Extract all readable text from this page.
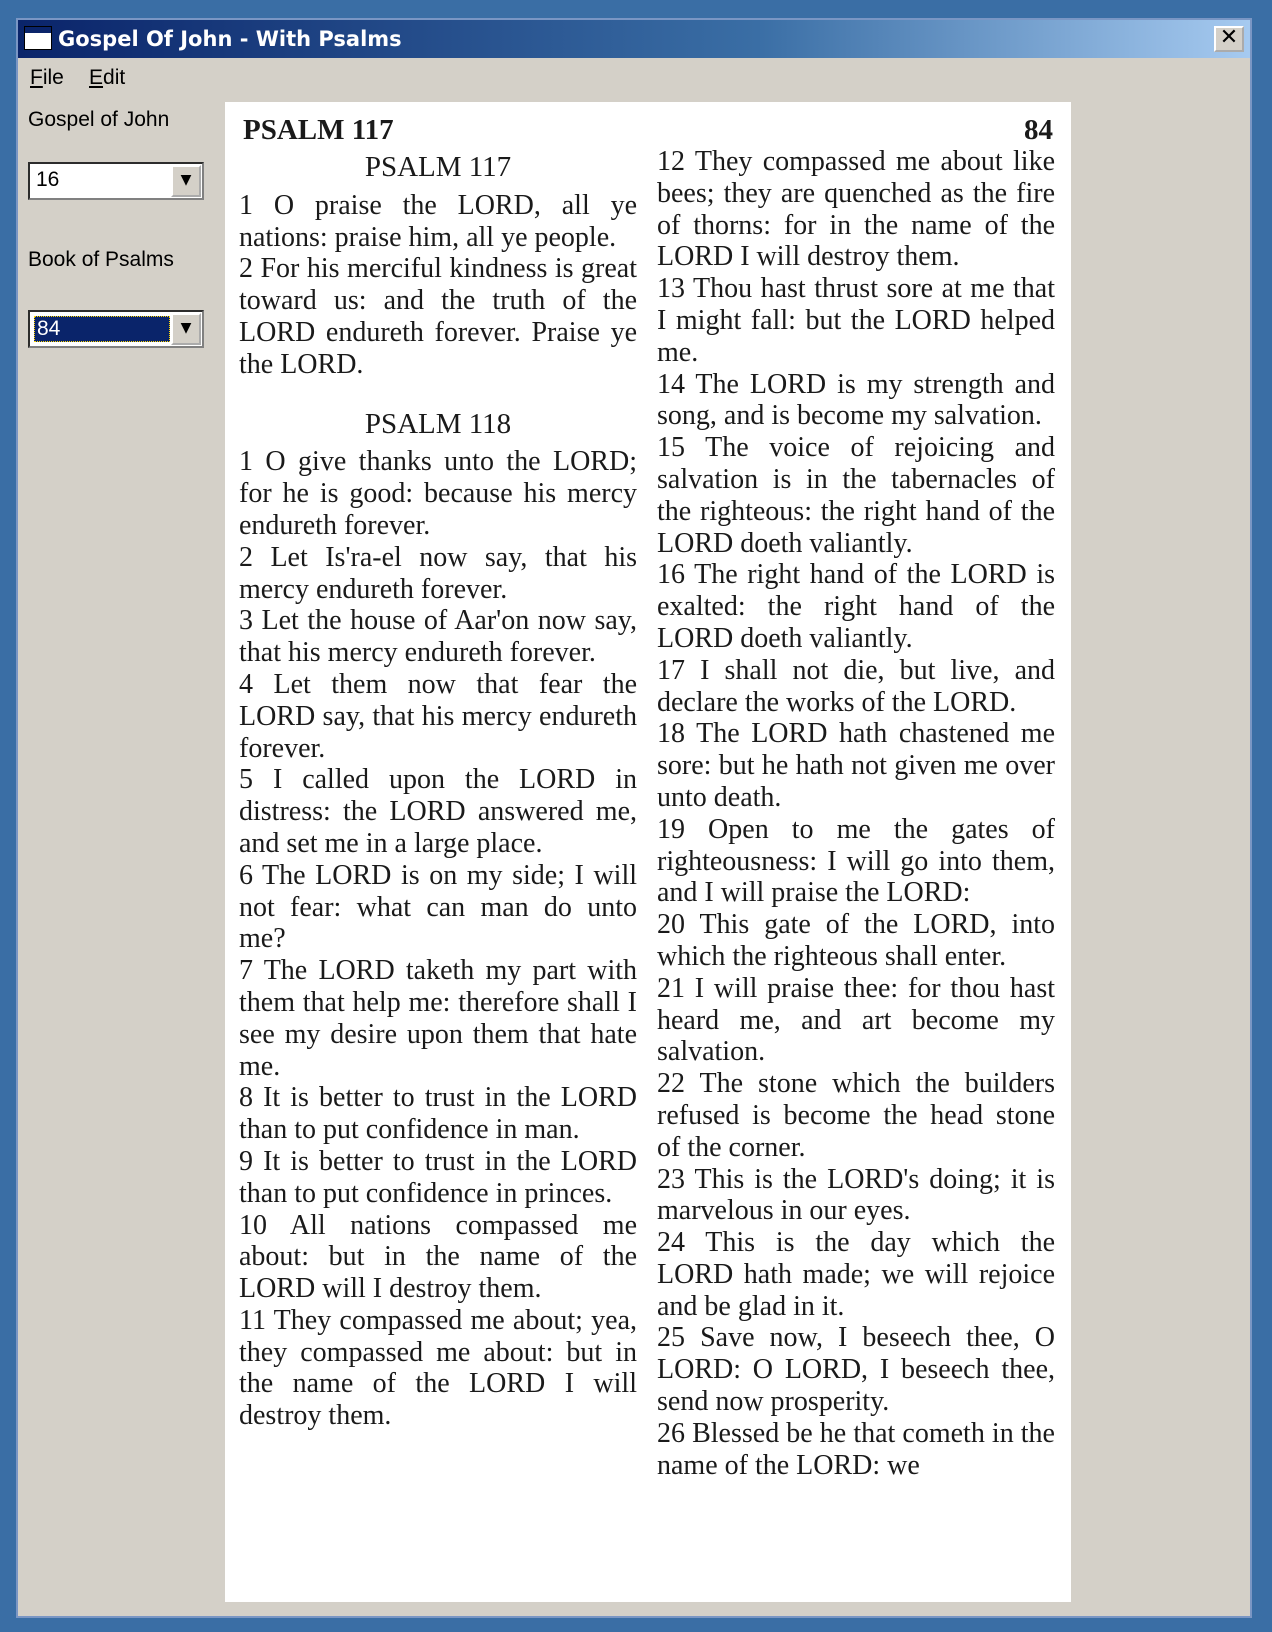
Gospel Of John - With Psalms	✕
File Edit
Gospel of John
16	▼
Book of Psalms
84	▼
PSALM 117	84

PSALM 117

1 O praise the LORD, all ye nations: praise him, all ye people.

2 For his merciful kindness is great toward us: and the truth of the LORD endureth forever. Praise ye the LORD.

PSALM 118

1 O give thanks unto the LORD; for he is good: because his mercy endureth forever.

2 Let Is'ra-el now say, that his mercy endureth forever.

3 Let the house of Aar'on now say, that his mercy endureth forever.

4 Let them now that fear the LORD say, that his mercy endureth forever.

5 I called upon the LORD in distress: the LORD answered me, and set me in a large place.

6 The LORD is on my side; I will not fear: what can man do unto me?

7 The LORD taketh my part with them that help me: therefore shall I see my desire upon them that hate me.

8 It is better to trust in the LORD than to put confidence in man.

9 It is better to trust in the LORD than to put confidence in princes.

10 All nations compassed me about: but in the name of the LORD will I destroy them.

11 They compassed me about; yea, they compassed me about: but in the name of the LORD I will destroy them.

12 They compassed me about like bees; they are quenched as the fire of thorns: for in the name of the LORD I will destroy them.

13 Thou hast thrust sore at me that I might fall: but the LORD helped me.

14 The LORD is my strength and song, and is become my salvation.

15 The voice of rejoicing and salvation is in the tabernacles of the righteous: the right hand of the LORD doeth valiantly.

16 The right hand of the LORD is exalted: the right hand of the LORD doeth valiantly.

17 I shall not die, but live, and declare the works of the LORD.

18 The LORD hath chastened me sore: but he hath not given me over unto death.

19 Open to me the gates of righteousness: I will go into them, and I will praise the LORD:

20 This gate of the LORD, into which the righteous shall enter.

21 I will praise thee: for thou hast heard me, and art become my salvation.

22 The stone which the builders refused is become the head stone of the corner.

23 This is the LORD's doing; it is marvelous in our eyes.

24 This is the day which the LORD hath made; we will rejoice and be glad in it.

25 Save now, I beseech thee, O LORD: O LORD, I beseech thee, send now prosperity.

26 Blessed be he that cometh in the name of the LORD: we
